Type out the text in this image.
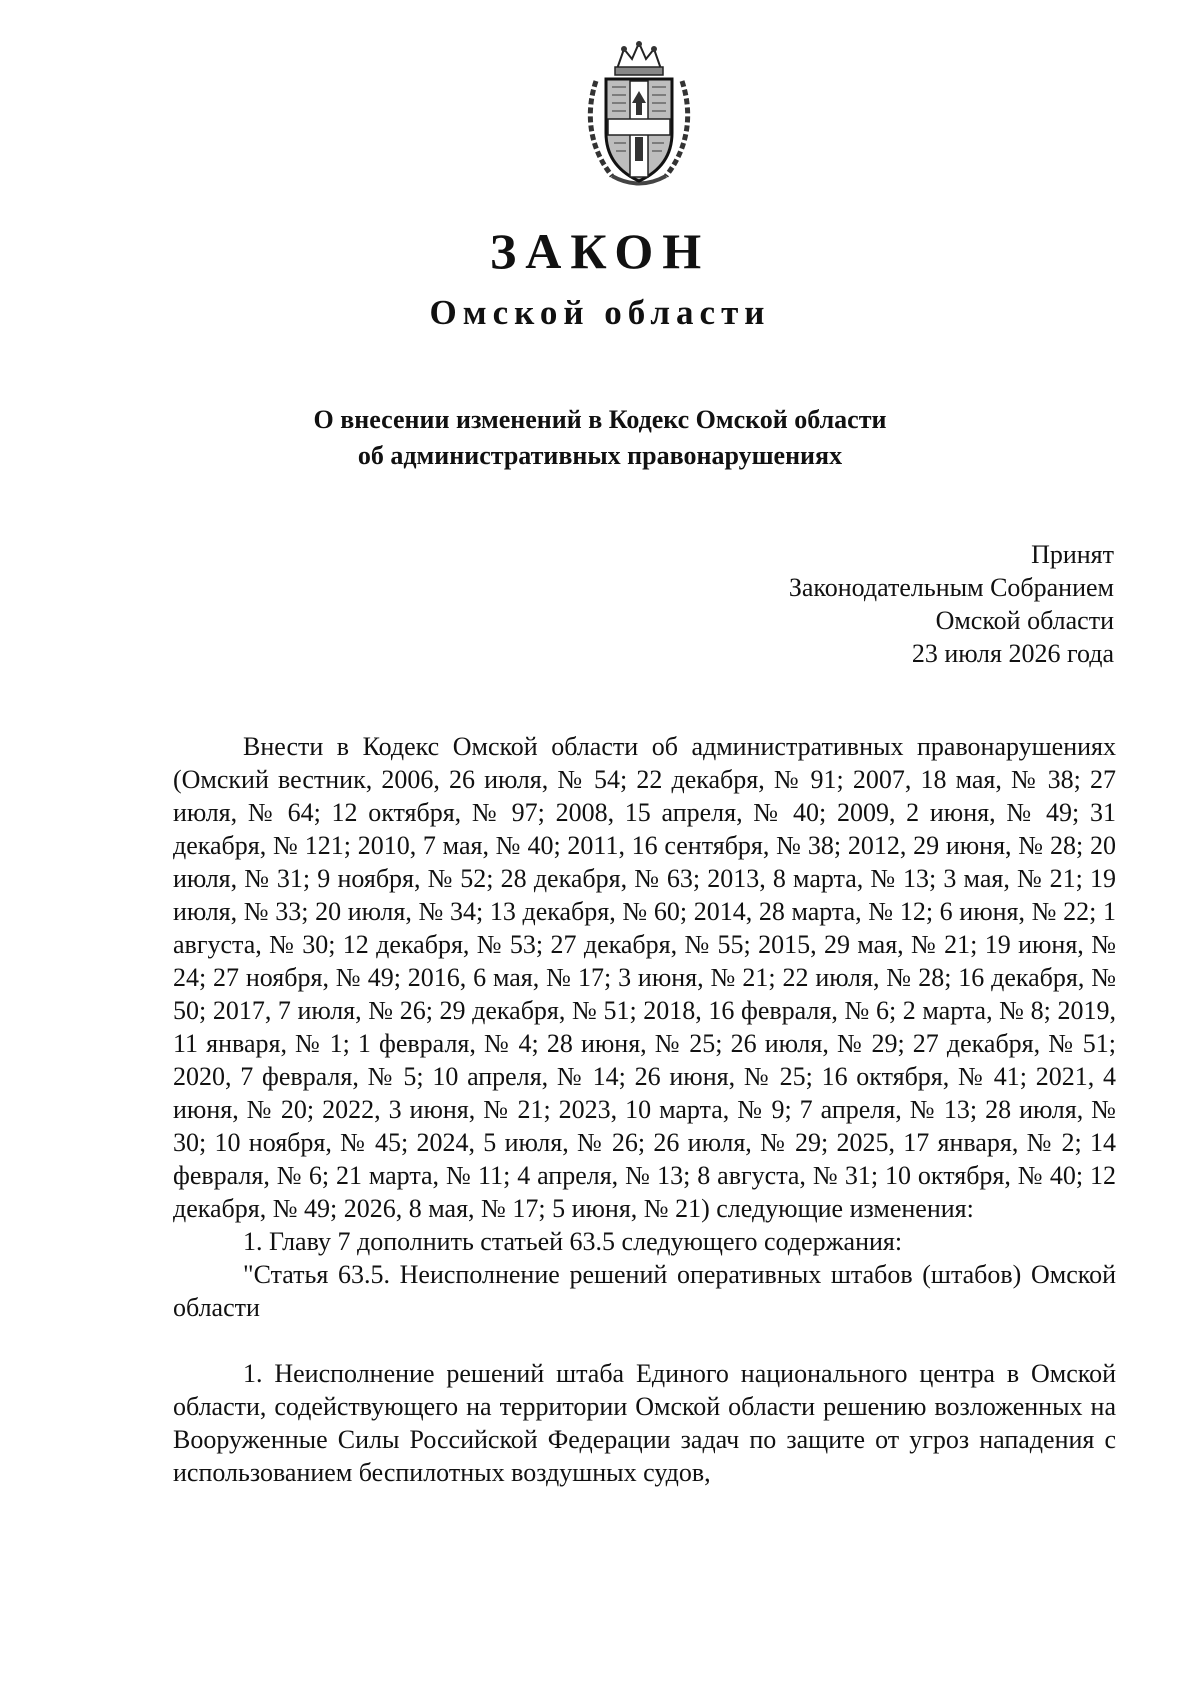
ЗАКОН
Омской области
О внесении изменений в Кодекс Омской области
об административных правонарушениях
Принят
Законодательным Собранием
Омской области
23 июля 2026 года

Внести в Кодекс Омской области об административных правонарушениях (Омский вестник, 2006, 26 июля, № 54; 22 декабря, № 91; 2007, 18 мая, № 38; 27 июля, № 64; 12 октября, № 97; 2008, 15 апреля, № 40; 2009, 2 июня, № 49; 31 декабря, № 121; 2010, 7 мая, № 40; 2011, 16 сентября, № 38; 2012, 29 июня, № 28; 20 июля, № 31; 9 ноября, № 52; 28 декабря, № 63; 2013, 8 марта, № 13; 3 мая, № 21; 19 июля, № 33; 20 июля, № 34; 13 декабря, № 60; 2014, 28 марта, № 12; 6 июня, № 22; 1 августа, № 30; 12 декабря, № 53; 27 декабря, № 55; 2015, 29 мая, № 21; 19 июня, № 24; 27 ноября, № 49; 2016, 6 мая, № 17; 3 июня, № 21; 22 июля, № 28; 16 декабря, № 50; 2017, 7 июля, № 26; 29 декабря, № 51; 2018, 16 февраля, № 6; 2 марта, № 8; 2019, 11 января, № 1; 1 февраля, № 4; 28 июня, № 25; 26 июля, № 29; 27 декабря, № 51; 2020, 7 февраля, № 5; 10 апреля, № 14; 26 июня, № 25; 16 октября, № 41; 2021, 4 июня, № 20; 2022, 3 июня, № 21; 2023, 10 марта, № 9; 7 апреля, № 13; 28 июля, № 30; 10 ноября, № 45; 2024, 5 июля, № 26; 26 июля, № 29; 2025, 17 января, № 2; 14 февраля, № 6; 21 марта, № 11; 4 апреля, № 13; 8 августа, № 31; 10 октября, № 40; 12 декабря, № 49; 2026, 8 мая, № 17; 5 июня, № 21) следующие изменения:

1. Главу 7 дополнить статьей 63.5 следующего содержания:

"Статья 63.5. Неисполнение решений оперативных штабов (штабов) Омской области

1. Неисполнение решений штаба Единого национального центра в Омской области, содействующего на территории Омской области решению возложенных на Вооруженные Силы Российской Федерации задач по защите от угроз нападения с использованием беспилотных воздушных судов,
